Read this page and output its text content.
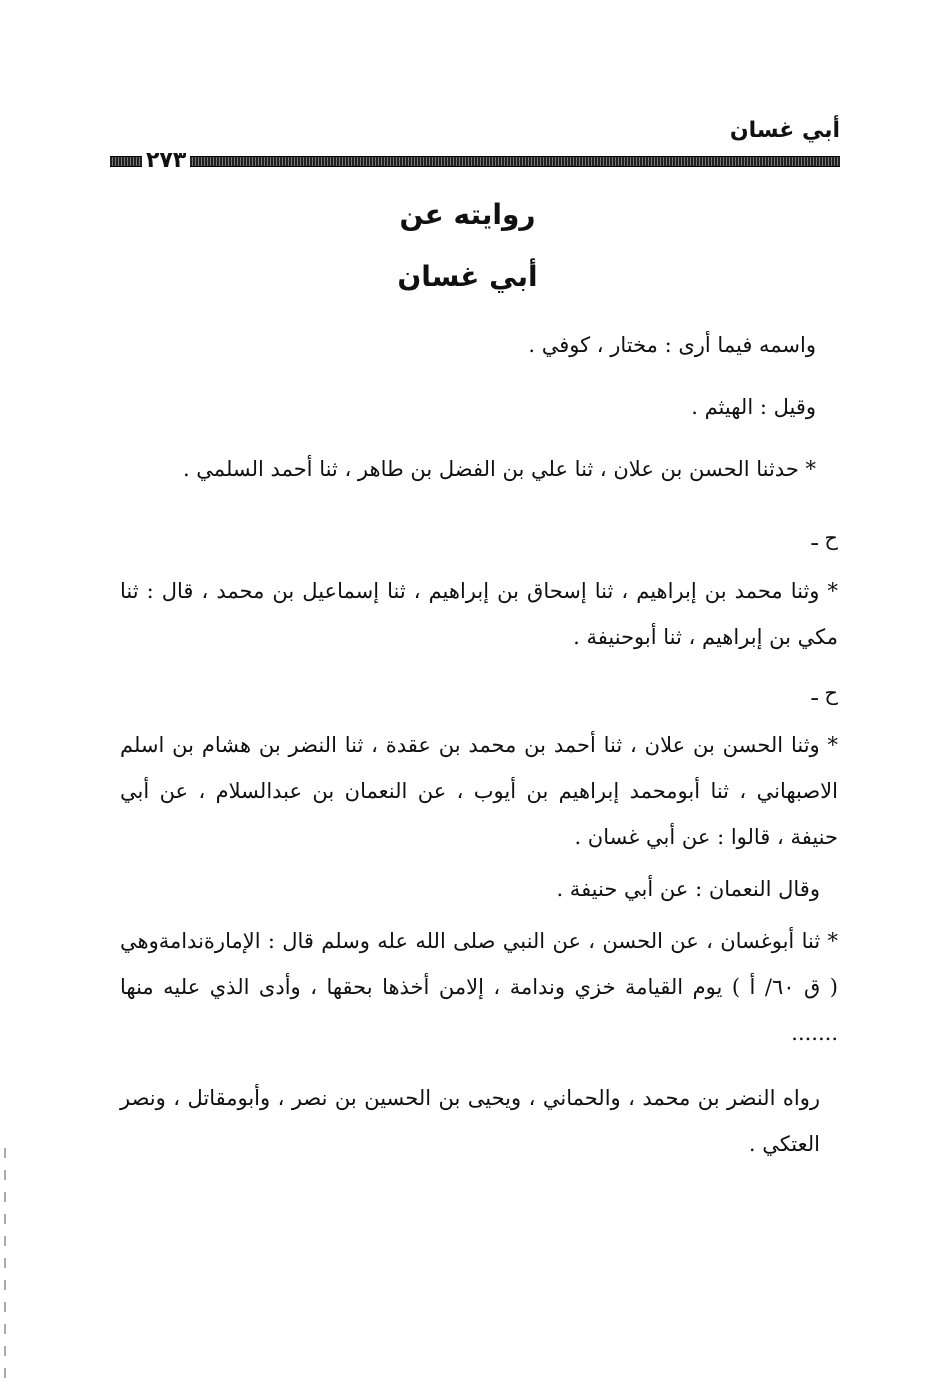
أبي غسان
٢٧٣
روايته عن
أبي غسان
واسمه فيما أرى : مختار ، كوفي .
وقيل : الهيثم .
* حدثنا الحسن بن علان ، ثنا علي بن الفضل بن طاهر ، ثنا أحمد السلمي .
ح ـ
* وثنا محمد بن إبراهيم ، ثنا إسحاق بن إبراهيم ، ثنا إسماعيل بن محمد ، قال : ثنا مكي بن إبراهيم ، ثنا أبوحنيفة .
ح ـ
* وثنا الحسن بن علان ، ثنا أحمد بن محمد بن عقدة ، ثنا النضر بن هشام بن اسلم الاصبهاني ، ثنا أبومحمد إبراهيم بن أيوب ، عن النعمان بن عبدالسلام ، عن أبي حنيفة ، قالوا : عن أبي غسان .
وقال النعمان : عن أبي حنيفة .
* ثنا أبوغسان ، عن الحسن ، عن النبي صلى الله عله وسلم قال : الإمارةندامةوهي ( ق ٦٠/ أ ) يوم القيامة خزي وندامة ، إلامن أخذها بحقها ، وأدى الذي عليه منها .......
رواه النضر بن محمد ، والحماني ، ويحيى بن الحسين بن نصر ، وأبومقاتل ، ونصر العتكي .
